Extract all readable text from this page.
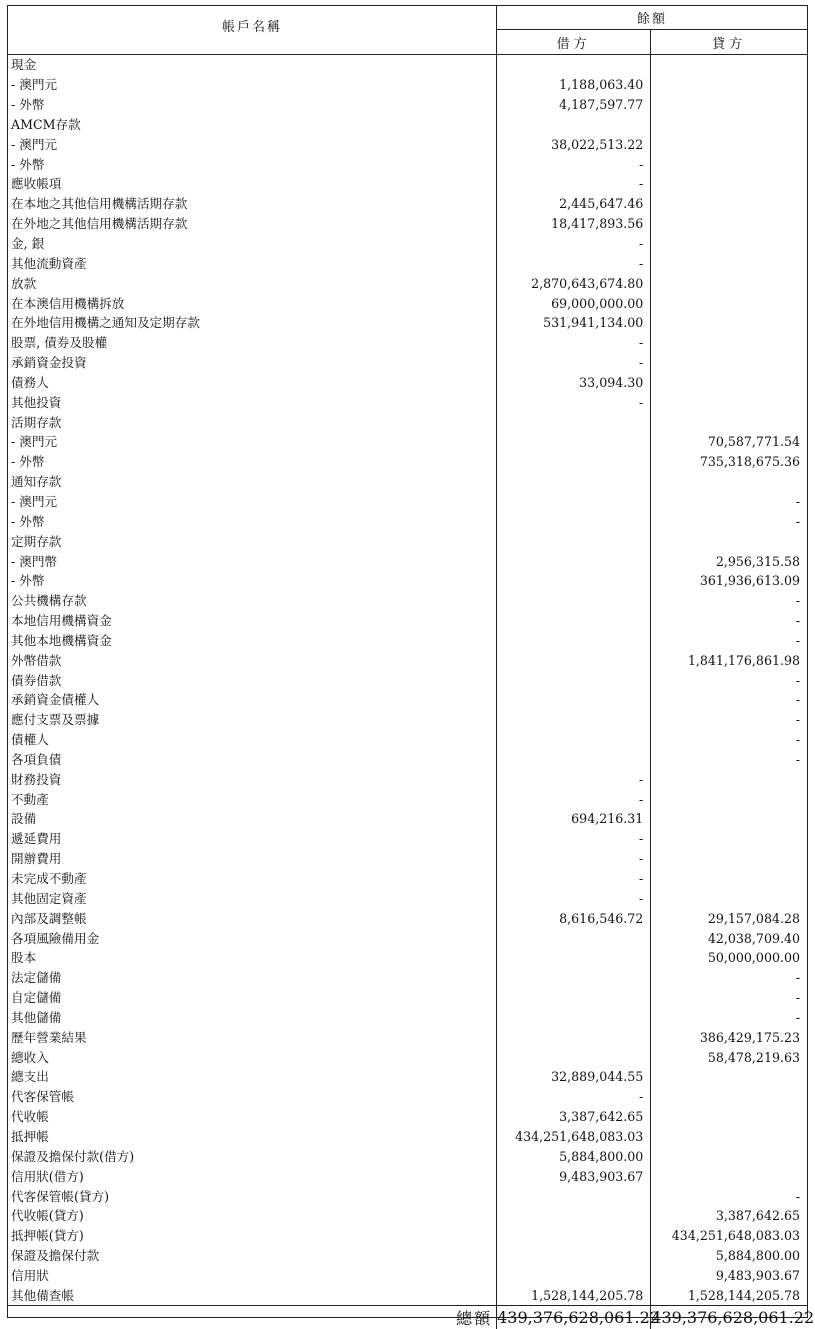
帳戶名稱	餘額	
	借方	貸方
現金		
- 澳門元	1,188,063.40	
- 外幣	4,187,597.77	
AMCM存款		
- 澳門元	38,022,513.22	
- 外幣	-	
應收帳項	-	
在本地之其他信用機構活期存款	2,445,647.46	
在外地之其他信用機構活期存款	18,417,893.56	
金, 銀	-	
其他流動資產	-	
放款	2,870,643,674.80	
在本澳信用機構拆放	69,000,000.00	
在外地信用機構之通知及定期存款	531,941,134.00	
股票, 債券及股權	-	
承銷資金投資	-	
債務人	33,094.30	
其他投資	-	
活期存款		
- 澳門元		70,587,771.54
- 外幣		735,318,675.36
通知存款		
- 澳門元		-
- 外幣		-
定期存款		
- 澳門幣		2,956,315.58
- 外幣		361,936,613.09
公共機構存款		-
本地信用機構資金		-
其他本地機構資金		-
外幣借款		1,841,176,861.98
債券借款		-
承銷資金債權人		-
應付支票及票據		-
債權人		-
各項負債		-
財務投資	-	
不動產	-	
設備	694,216.31	
遞延費用	-	
開辦費用	-	
未完成不動產	-	
其他固定資產	-	
內部及調整帳	8,616,546.72	29,157,084.28
各項風險備用金		42,038,709.40
股本		50,000,000.00
法定儲備		-
自定儲備		-
其他儲備		-
歷年營業結果		386,429,175.23
總收入		58,478,219.63
總支出	32,889,044.55	
代客保管帳	-	
代收帳	3,387,642.65	
抵押帳	434,251,648,083.03	
保證及擔保付款(借方)	5,884,800.00	
信用狀(借方)	9,483,903.67	
代客保管帳(貸方)		-
代收帳(貸方)		3,387,642.65
抵押帳(貸方)		434,251,648,083.03
保證及擔保付款		5,884,800.00
信用狀		9,483,903.67
其他備查帳	1,528,144,205.78	1,528,144,205.78
總額	439,376,628,061.22	439,376,628,061.22
